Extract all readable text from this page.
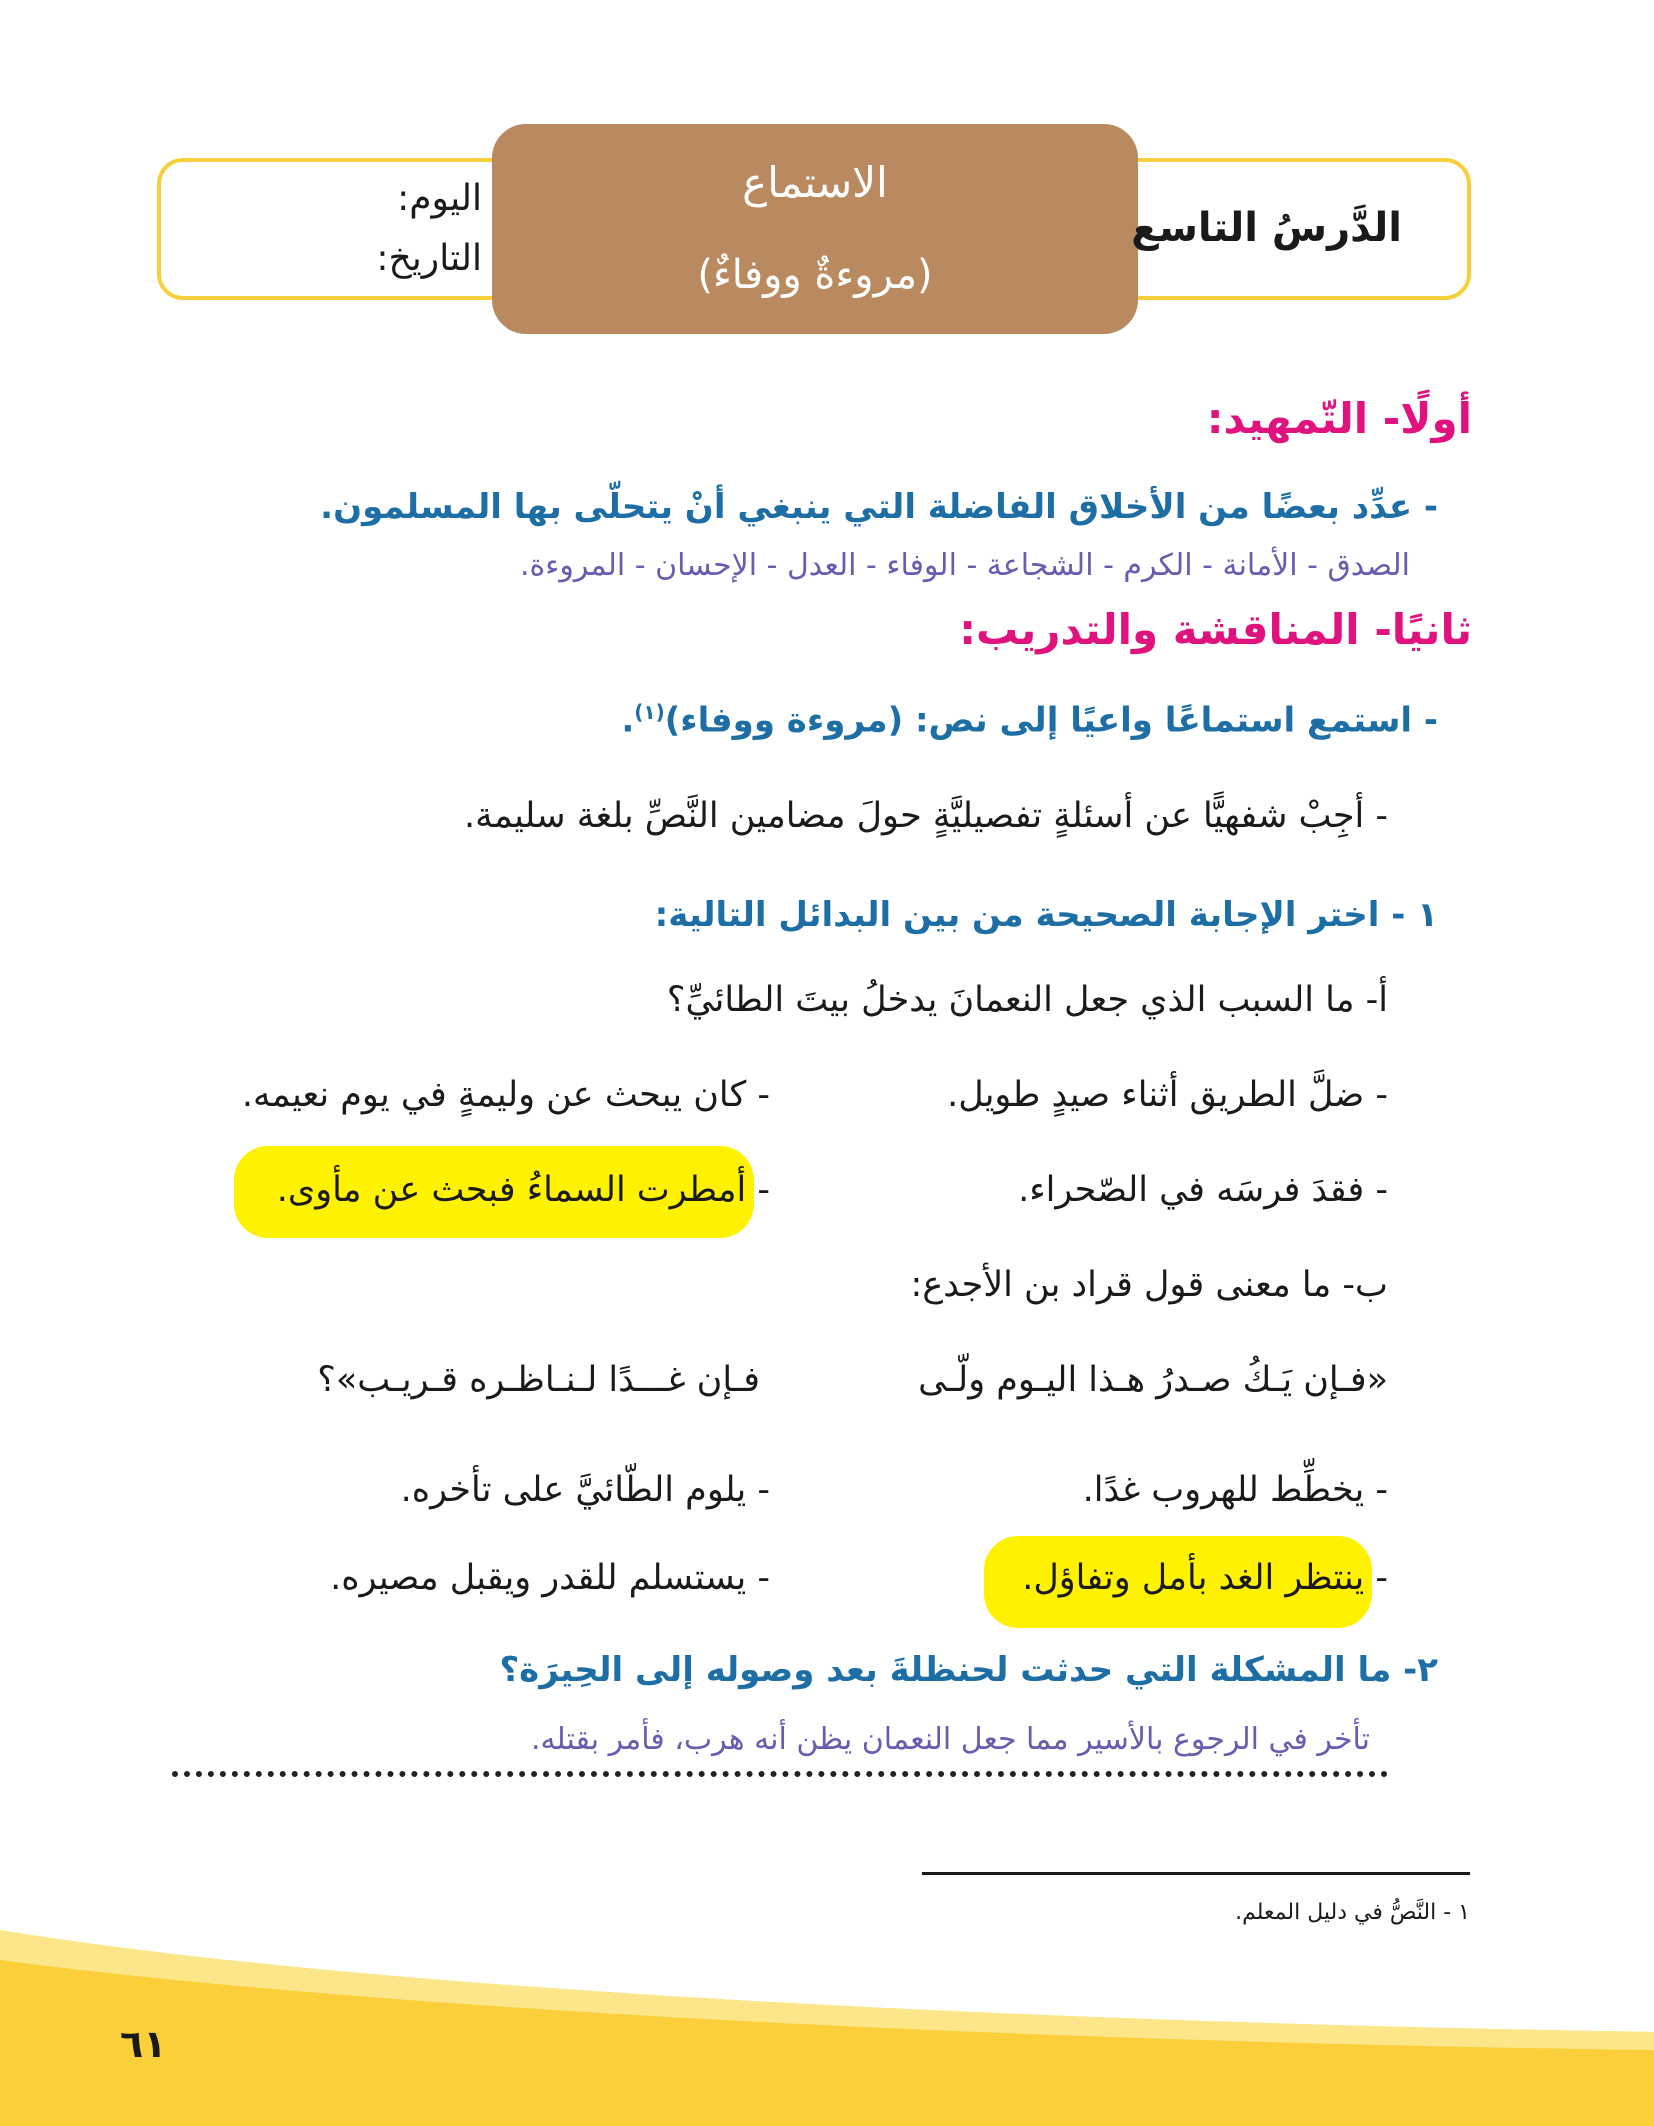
الاستماع
(مروءةٌ ووفاءٌ)
الدَّرسُ التاسع
اليوم:
التاريخ:
أولًا- التّمهيد:
- عدِّد بعضًا من الأخلاق الفاضلة التي ينبغي أنْ يتحلّى بها المسلمون.
الصدق - الأمانة - الكرم - الشجاعة - الوفاء - العدل - الإحسان - المروءة.
ثانيًا- المناقشة والتدريب:
- استمع استماعًا واعيًا إلى نص: (مروءة ووفاء)$^{(١)}$.
- أجِبْ شفهيًّا عن أسئلةٍ تفصيليَّةٍ حولَ مضامين النَّصِّ بلغة سليمة.
١ - اختر الإجابة الصحيحة من بين البدائل التالية:
أ- ما السبب الذي جعل النعمانَ يدخلُ بيتَ الطائيِّ؟
- ضلَّ الطريق أثناء صيدٍ طويل.
- كان يبحث عن وليمةٍ في يوم نعيمه.
- فقدَ فرسَه في الصّحراء.
- أمطرت السماءُ فبحث عن مأوى.
ب- ما معنى قول قراد بن الأجدع:
«فـإن يَـكُ صـدرُ هـذا اليـوم ولّـى
فـإن غـــدًا لـنـاظـره قـريـب»؟
- يخطِّط للهروب غدًا.
- يلوم الطّائيَّ على تأخره.
- ينتظر الغد بأمل وتفاؤل.
- يستسلم للقدر ويقبل مصيره.
٢- ما المشكلة التي حدثت لحنظلةَ بعد وصوله إلى الحِيرَة؟
تأخر في الرجوع بالأسير مما جعل النعمان يظن أنه هرب، فأمر بقتله.
١ - النَّصُّ في دليل المعلم.
٦١
